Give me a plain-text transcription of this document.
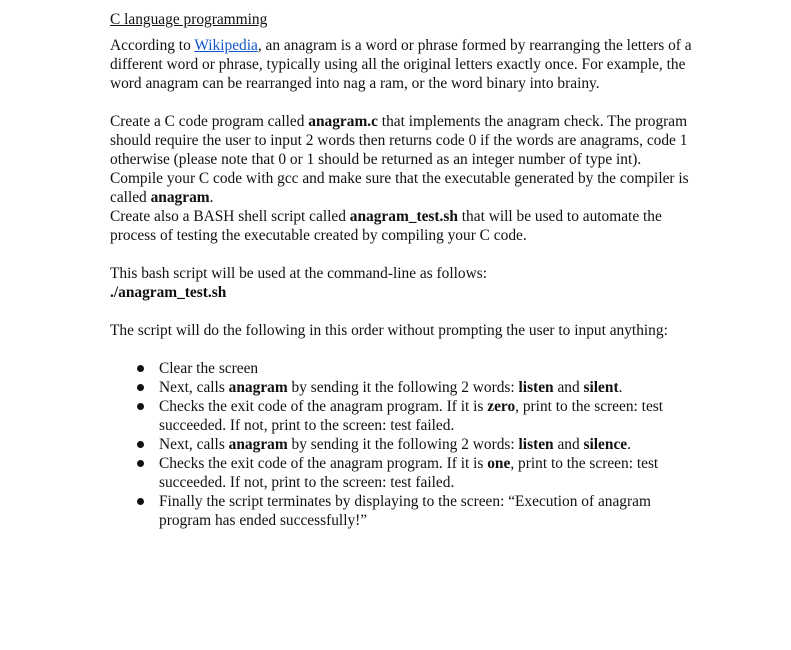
C language programming

According to Wikipedia, an anagram is a word or phrase formed by rearranging the letters of a different word or phrase, typically using all the original letters exactly once. For example, the word anagram can be rearranged into nag a ram, or the word binary into brainy.

Create a C code program called anagram.c that implements the anagram check. The program should require the user to input 2 words then returns code 0 if the words are anagrams, code 1 otherwise (please note that 0 or 1 should be returned as an integer number of type int).

Compile your C code with gcc and make sure that the executable generated by the compiler is called anagram.

Create also a BASH shell script called anagram_test.sh that will be used to automate the process of testing the executable created by compiling your C code.

This bash script will be used at the command-line as follows:

./anagram_test.sh

The script will do the following in this order without prompting the user to input anything:

Clear the screen
Next, calls anagram by sending it the following 2 words: listen and silent.
Checks the exit code of the anagram program. If it is zero, print to the screen: test succeeded. If not, print to the screen: test failed.
Next, calls anagram by sending it the following 2 words: listen and silence.
Checks the exit code of the anagram program. If it is one, print to the screen: test succeeded. If not, print to the screen: test failed.
Finally the script terminates by displaying to the screen: “Execution of anagram program has ended successfully!”
